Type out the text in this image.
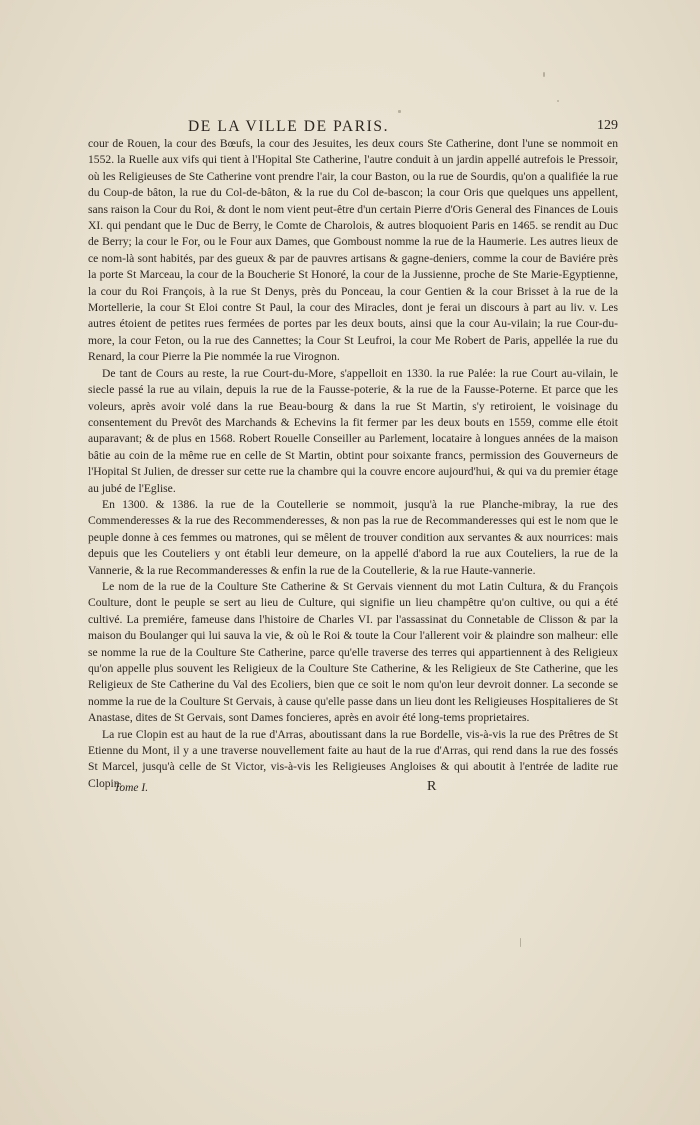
DE LA VILLE DE PARIS.	129

cour de Rouen, la cour des Bœufs, la cour des Jesuites, les deux cours Ste Catherine, dont l'une se nommoit en 1552. la Ruelle aux vifs qui tient à l'Hopital Ste Catherine, l'autre conduit à un jardin appellé autrefois le Pressoir, où les Religieuses de Ste Catherine vont prendre l'air, la cour Baston, ou la rue de Sourdis, qu'on a qualifiée la rue du Coup-de bâton, la rue du Col-de-bâton, & la rue du Col de-bascon; la cour Oris que quelques uns appellent, sans raison la Cour du Roi, & dont le nom vient peut-être d'un certain Pierre d'Oris General des Finances de Louis XI. qui pendant que le Duc de Berry, le Comte de Charolois, & autres bloquoient Paris en 1465. se rendit au Duc de Berry; la cour le For, ou le Four aux Dames, que Gomboust nomme la rue de la Haumerie. Les autres lieux de ce nom-là sont habités, par des gueux & par de pauvres artisans & gagne-deniers, comme la cour de Baviére près la porte St Marceau, la cour de la Boucherie St Honoré, la cour de la Jussienne, proche de Ste Marie-Egyptienne, la cour du Roi François, à la rue St Denys, près du Ponceau, la cour Gentien & la cour Brisset à la rue de la Mortellerie, la cour St Eloi contre St Paul, la cour des Miracles, dont je ferai un discours à part au liv. v. Les autres étoient de petites rues fermées de portes par les deux bouts, ainsi que la cour Au-vilain; la rue Cour-du-more, la cour Feton, ou la rue des Cannettes; la Cour St Leufroi, la cour Me Robert de Paris, appellée la rue du Renard, la cour Pierre la Pie nommée la rue Virognon.

De tant de Cours au reste, la rue Court-du-More, s'appelloit en 1330. la rue Palée: la rue Court au-vilain, le siecle passé la rue au vilain, depuis la rue de la Fausse-poterie, & la rue de la Fausse-Poterne. Et parce que les voleurs, après avoir volé dans la rue Beau-bourg & dans la rue St Martin, s'y retiroient, le voisinage du consentement du Prevôt des Marchands & Echevins la fit fermer par les deux bouts en 1559, comme elle étoit auparavant; & de plus en 1568. Robert Rouelle Conseiller au Parlement, locataire à longues années de la maison bâtie au coin de la même rue en celle de St Martin, obtint pour soixante francs, permission des Gouverneurs de l'Hopital St Julien, de dresser sur cette rue la chambre qui la couvre encore aujourd'hui, & qui va du premier étage au jubé de l'Eglise.

En 1300. & 1386. la rue de la Coutellerie se nommoit, jusqu'à la rue Planche-mibray, la rue des Commenderesses & la rue des Recommenderesses, & non pas la rue de Recommanderesses qui est le nom que le peuple donne à ces femmes ou matrones, qui se mêlent de trouver condition aux servantes & aux nourrices: mais depuis que les Couteliers y ont établi leur demeure, on la appellé d'abord la rue aux Couteliers, la rue de la Vannerie, & la rue Recommanderesses & enfin la rue de la Coutellerie, & la rue Haute-vannerie.

Le nom de la rue de la Coulture Ste Catherine & St Gervais viennent du mot Latin Cultura, & du François Coulture, dont le peuple se sert au lieu de Culture, qui signifie un lieu champêtre qu'on cultive, ou qui a été cultivé. La premiére, fameuse dans l'histoire de Charles VI. par l'assassinat du Connetable de Clisson & par la maison du Boulanger qui lui sauva la vie, & où le Roi & toute la Cour l'allerent voir & plaindre son malheur: elle se nomme la rue de la Coulture Ste Catherine, parce qu'elle traverse des terres qui appartiennent à des Religieux qu'on appelle plus souvent les Religieux de la Coulture Ste Catherine, & les Religieux de Ste Catherine, que les Religieux de Ste Catherine du Val des Ecoliers, bien que ce soit le nom qu'on leur devroit donner. La seconde se nomme la rue de la Coulture St Gervais, à cause qu'elle passe dans un lieu dont les Religieuses Hospitalieres de St Anastase, dites de St Gervais, sont Dames foncieres, après en avoir été long-tems proprietaires.

La rue Clopin est au haut de la rue d'Arras, aboutissant dans la rue Bordelle, vis-à-vis la rue des Prêtres de St Etienne du Mont, il y a une traverse nouvellement faite au haut de la rue d'Arras, qui rend dans la rue des fossés St Marcel, jusqu'à celle de St Victor, vis-à-vis les Religieuses Angloises & qui aboutit à l'entrée de ladite rue Clopin.

Tome I.	R
